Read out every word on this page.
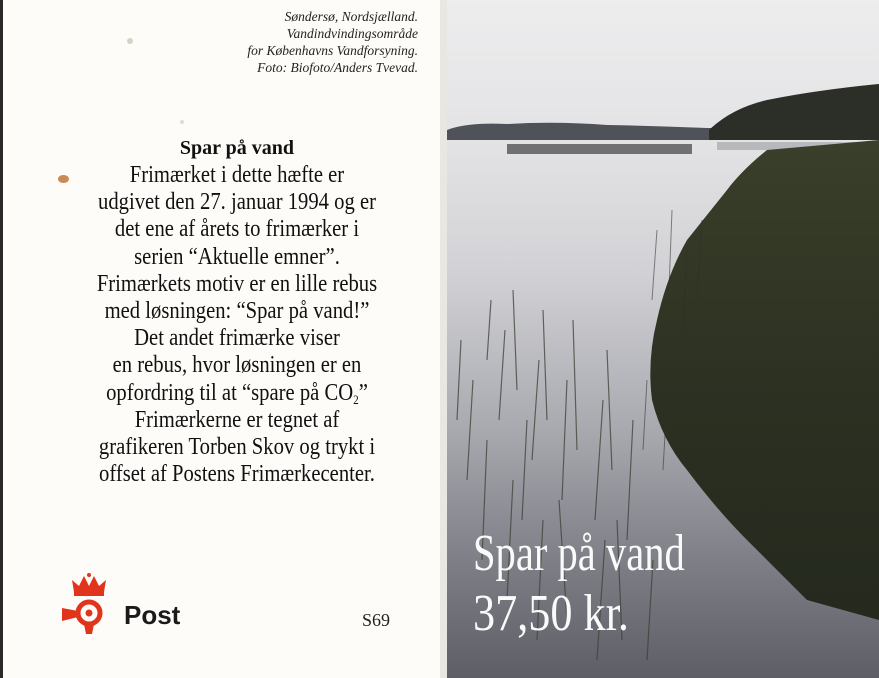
Søndersø, Nordsjælland.
Vandindvindingsområde
for Københavns Vandforsyning.
Foto: Biofoto/Anders Tvevad.
Spar på vand
Frimærket i dette hæfte er
udgivet den 27. januar 1994 og er
det ene af årets to frimærker i
serien “Aktuelle emner”.
Frimærkets motiv er en lille rebus
med løsningen: “Spar på vand!”
Det andet frimærke viser
en rebus, hvor løsningen er en
opfordring til at “spare på $CO_2$”
Frimærkerne er tegnet af
grafikeren Torben Skov og trykt i
offset af Postens Frimærkecenter.
Post	S69
Spar på vand
37,50 kr.
